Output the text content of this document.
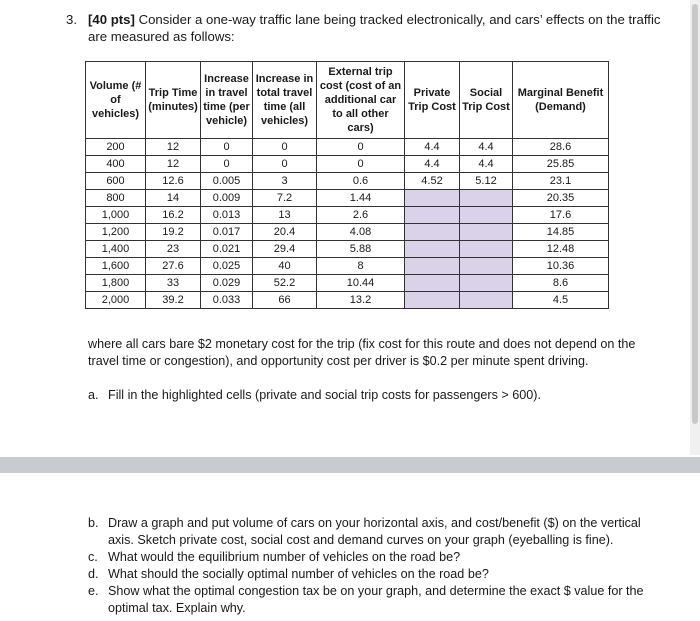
3. [40 pts] Consider a one-way traffic lane being tracked electronically, and cars’ effects on the traffic
are measured as follows:
Volume (# of vehicles)	Trip Time (minutes)	Increase in travel time (per vehicle)	Increase in total travel time (all vehicles)	External trip cost (cost of an additional car to all other cars)	Private Trip Cost	Social Trip Cost	Marginal Benefit (Demand)
200	12	0	0	0	4.4	4.4	28.6
400	12	0	0	0	4.4	4.4	25.85
600	12.6	0.005	3	0.6	4.52	5.12	23.1
800	14	0.009	7.2	1.44			20.35
1,000	16.2	0.013	13	2.6			17.6
1,200	19.2	0.017	20.4	4.08			14.85
1,400	23	0.021	29.4	5.88			12.48
1,600	27.6	0.025	40	8			10.36
1,800	33	0.029	52.2	10.44			8.6
2,000	39.2	0.033	66	13.2			4.5
where all cars bare $2 monetary cost for the trip (fix cost for this route and does not depend on the
travel time or congestion), and opportunity cost per driver is $0.2 per minute spent driving.
a. Fill in the highlighted cells (private and social trip costs for passengers > 600).
b. Draw a graph and put volume of cars on your horizontal axis, and cost/benefit ($) on the vertical
axis. Sketch private cost, social cost and demand curves on your graph (eyeballing is fine).
c. What would the equilibrium number of vehicles on the road be?
d. What should the socially optimal number of vehicles on the road be?
e. Show what the optimal congestion tax be on your graph, and determine the exact $ value for the
optimal tax. Explain why.
